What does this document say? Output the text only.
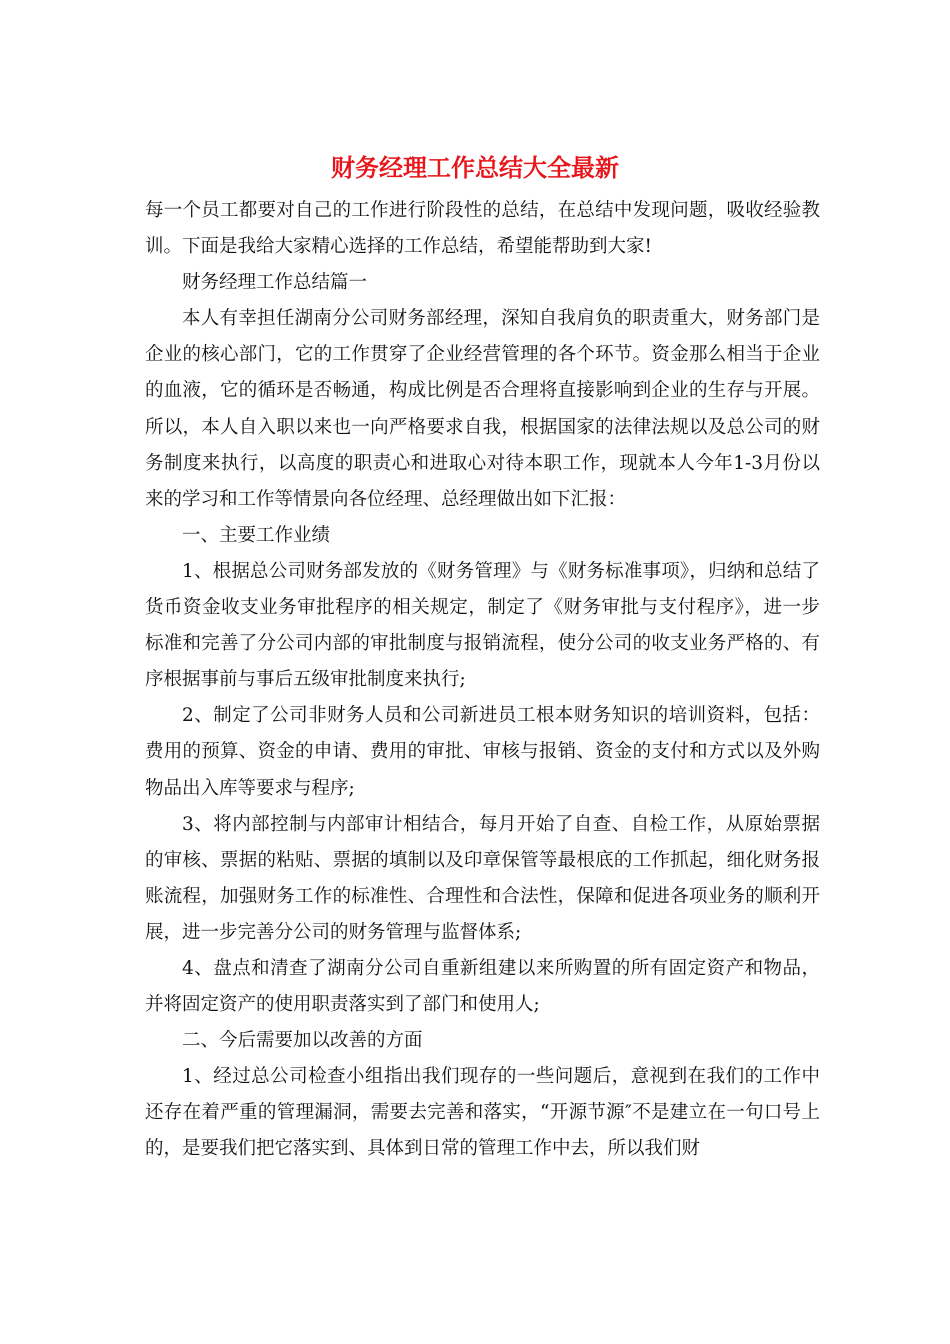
财务经理工作总结大全最新

每一个员工都要对自己的工作进行阶段性的总结，在总结中发现问题，吸收经验教训。下面是我给大家精心选择的工作总结，希望能帮助到大家!

财务经理工作总结篇一

本人有幸担任湖南分公司财务部经理，深知自我肩负的职责重大，财务部门是企业的核心部门，它的工作贯穿了企业经营管理的各个环节。资金那么相当于企业的血液，它的循环是否畅通，构成比例是否合理将直接影响到企业的生存与开展。所以，本人自入职以来也一向严格要求自我，根据国家的法律法规以及总公司的财务制度来执行，以高度的职责心和进取心对待本职工作，现就本人今年1-3月份以来的学习和工作等情景向各位经理、总经理做出如下汇报：

一、主要工作业绩

1、根据总公司财务部发放的《财务管理》与《财务标准事项》，归纳和总结了货币资金收支业务审批程序的相关规定，制定了《财务审批与支付程序》，进一步标准和完善了分公司内部的审批制度与报销流程，使分公司的收支业务严格的、有序根据事前与事后五级审批制度来执行;

2、制定了公司非财务人员和公司新进员工根本财务知识的培训资料，包括：费用的预算、资金的申请、费用的审批、审核与报销、资金的支付和方式以及外购物品出入库等要求与程序;

3、将内部控制与内部审计相结合，每月开始了自查、自检工作，从原始票据的审核、票据的粘贴、票据的填制以及印章保管等最根底的工作抓起，细化财务报账流程，加强财务工作的标准性、合理性和合法性，保障和促进各项业务的顺利开展，进一步完善分公司的财务管理与监督体系;

4、盘点和清查了湖南分公司自重新组建以来所购置的所有固定资产和物品，并将固定资产的使用职责落实到了部门和使用人;

二、今后需要加以改善的方面

1、经过总公司检查小组指出我们现存的一些问题后，意视到在我们的工作中还存在着严重的管理漏洞，需要去完善和落实，“开源节源″不是建立在一句口号上的，是要我们把它落实到、具体到日常的管理工作中去，所以我们财
